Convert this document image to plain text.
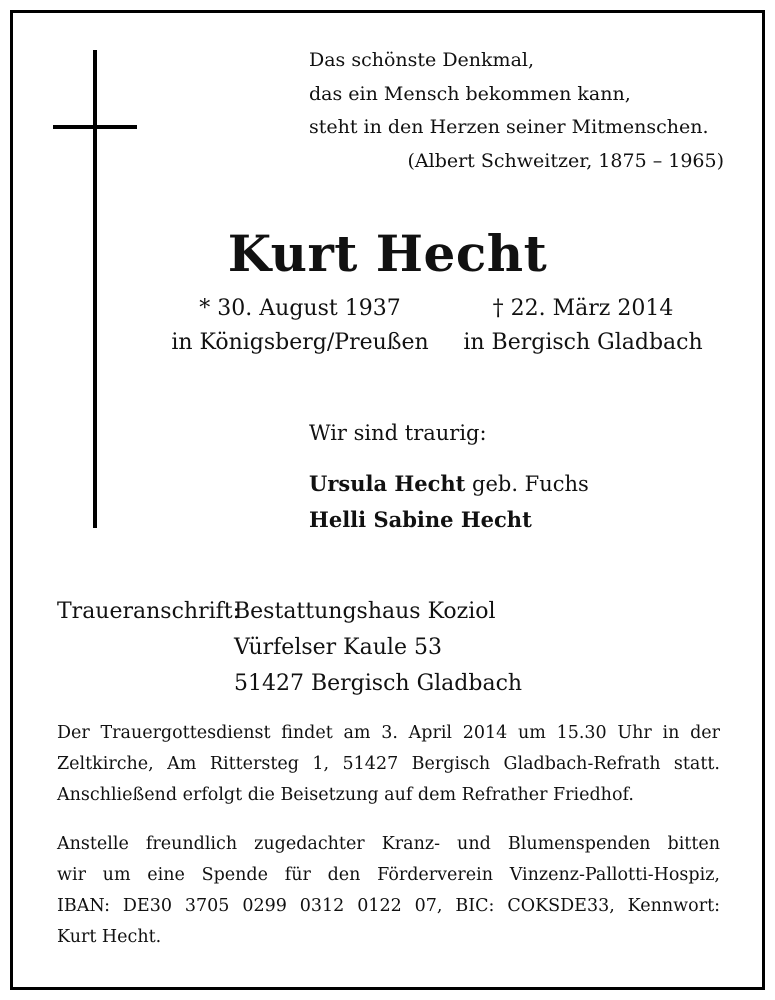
Das schönste Denkmal,
das ein Mensch bekommen kann,
steht in den Herzen seiner Mitmenschen.
(Albert Schweitzer, 1875 – 1965)
Kurt Hecht
* 30. August 1937
in Königsberg/Preußen
† 22. März 2014
in Bergisch Gladbach
Wir sind traurig:
Ursula Hecht geb. Fuchs
Helli Sabine Hecht
Traueranschrift:
Bestattungshaus Koziol
Vürfelser Kaule 53
51427 Bergisch Gladbach
Der Trauergottesdienst findet am 3. April 2014 um 15.30 Uhr in der
Zeltkirche, Am Rittersteg 1, 51427 Bergisch Gladbach-Refrath statt.
Anschließend erfolgt die Beisetzung auf dem Refrather Friedhof.
Anstelle freundlich zugedachter Kranz- und Blumenspenden bitten
wir um eine Spende für den Förderverein Vinzenz-Pallotti-Hospiz,
IBAN: DE30 3705 0299 0312 0122 07, BIC: COKSDE33, Kennwort:
Kurt Hecht.
